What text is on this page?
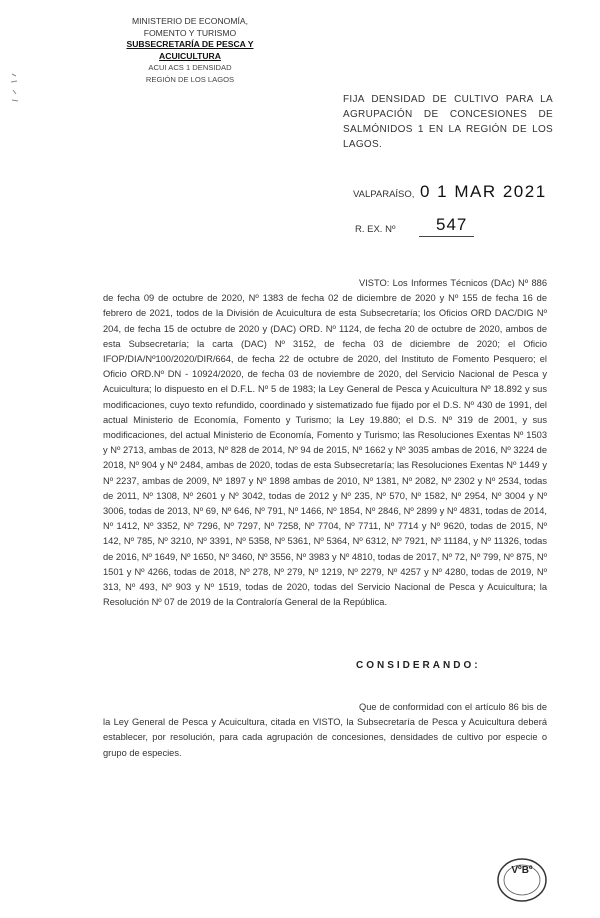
MINISTERIO DE ECONOMÍA,
FOMENTO Y TURISMO
SUBSECRETARÍA DE PESCA Y ACUICULTURA
ACUI ACS 1 DENSIDAD
REGIÓN DE LOS LAGOS
FIJA DENSIDAD DE CULTIVO PARA LA AGRUPACIÓN DE CONCESIONES DE SALMÓNIDOS 1 EN LA REGIÓN DE LOS LAGOS.
VALPARAÍSO, 0 1 MAR 2021
R. EX. Nº 547
VISTO: Los Informes Técnicos (DAc) Nº 886 de fecha 09 de octubre de 2020, Nº 1383 de fecha 02 de diciembre de 2020 y Nº 155 de fecha 16 de febrero de 2021, todos de la División de Acuicultura de esta Subsecretaría; los Oficios ORD DAC/DIG Nº 204, de fecha 15 de octubre de 2020 y (DAC) ORD. Nº 1124, de fecha 20 de octubre de 2020, ambos de esta Subsecretaría; la carta (DAC) Nº 3152, de fecha 03 de diciembre de 2020; el Oficio IFOP/DIA/Nº100/2020/DIR/664, de fecha 22 de octubre de 2020, del Instituto de Fomento Pesquero; el Oficio ORD.Nº DN - 10924/2020, de fecha 03 de noviembre de 2020, del Servicio Nacional de Pesca y Acuicultura; lo dispuesto en el D.F.L. Nº 5 de 1983; la Ley General de Pesca y Acuicultura Nº 18.892 y sus modificaciones, cuyo texto refundido, coordinado y sistematizado fue fijado por el D.S. Nº 430 de 1991, del actual Ministerio de Economía, Fomento y Turismo; la Ley 19.880; el D.S. Nº 319 de 2001, y sus modificaciones, del actual Ministerio de Economía, Fomento y Turismo; las Resoluciones Exentas Nº 1503 y Nº 2713, ambas de 2013, Nº 828 de 2014, Nº 94 de 2015, Nº 1662 y Nº 3035 ambas de 2016, Nº 3224 de 2018, Nº 904 y Nº 2484, ambas de 2020, todas de esta Subsecretaría; las Resoluciones Exentas Nº 1449 y Nº 2237, ambas de 2009, Nº 1897 y Nº 1898 ambas de 2010, Nº 1381, Nº 2082, Nº 2302 y Nº 2534, todas de 2011, Nº 1308, Nº 2601 y Nº 3042, todas de 2012 y Nº 235, Nº 570, Nº 1582, Nº 2954, Nº 3004 y Nº 3006, todas de 2013, Nº 69, Nº 646, Nº 791, Nº 1466, Nº 1854, Nº 2846, Nº 2899 y Nº 4831, todas de 2014, Nº 1412, Nº 3352, Nº 7296, Nº 7297, Nº 7258, Nº 7704, Nº 7711, Nº 7714 y Nº 9620, todas de 2015, Nº 142, Nº 785, Nº 3210, Nº 3391, Nº 5358, Nº 5361, Nº 5364, Nº 6312, Nº 7921, Nº 11184, y Nº 11326, todas de 2016, Nº 1649, Nº 1650, Nº 3460, Nº 3556, Nº 3983 y Nº 4810, todas de 2017, Nº 72, Nº 799, Nº 875, Nº 1501 y Nº 4266, todas de 2018, Nº 278, Nº 279, Nº 1219, Nº 2279, Nº 4257 y Nº 4280, todas de 2019, Nº 313, Nº 493, Nº 903 y Nº 1519, todas de 2020, todas del Servicio Nacional de Pesca y Acuicultura; la Resolución Nº 07 de 2019 de la Contraloría General de la República.
CONSIDERANDO:
Que de conformidad con el artículo 86 bis de la Ley General de Pesca y Acuicultura, citada en VISTO, la Subsecretaría de Pesca y Acuicultura deberá establecer, por resolución, para cada agrupación de concesiones, densidades de cultivo por especie o grupo de especies.
VºBº
